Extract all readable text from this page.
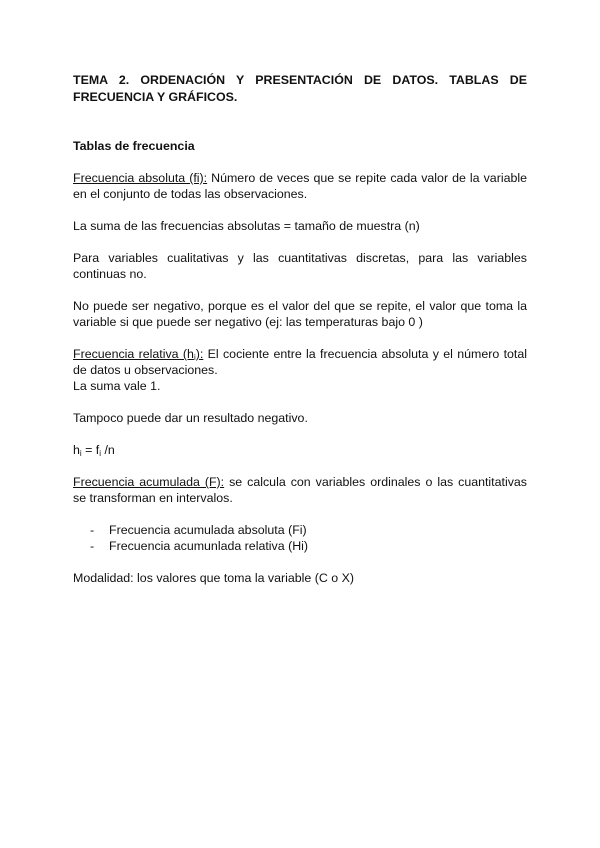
TEMA 2. ORDENACIÓN Y PRESENTACIÓN DE DATOS. TABLAS DE
FRECUENCIA Y GRÁFICOS.

Tablas de frecuencia

Frecuencia absoluta (fi): Número de veces que se repite cada valor de la variable en el conjunto de todas las observaciones.

La suma de las frecuencias absolutas = tamaño de muestra (n)

Para variables cualitativas y las cuantitativas discretas, para las variables continuas no.

No puede ser negativo, porque es el valor del que se repite, el valor que toma la variable si que puede ser negativo (ej: las temperaturas bajo 0 )

Frecuencia relativa $(h_i)$: El cociente entre la frecuencia absoluta y el número total de datos u observaciones.

La suma vale 1.

Tampoco puede dar un resultado negativo.

$h_i = f_i$ /n

Frecuencia acumulada (F): se calcula con variables ordinales o las cuantitativas se transforman en intervalos.

- Frecuencia acumulada absoluta (Fi)
- Frecuencia acumunlada relativa (Hi)

Modalidad: los valores que toma la variable (C o X)
